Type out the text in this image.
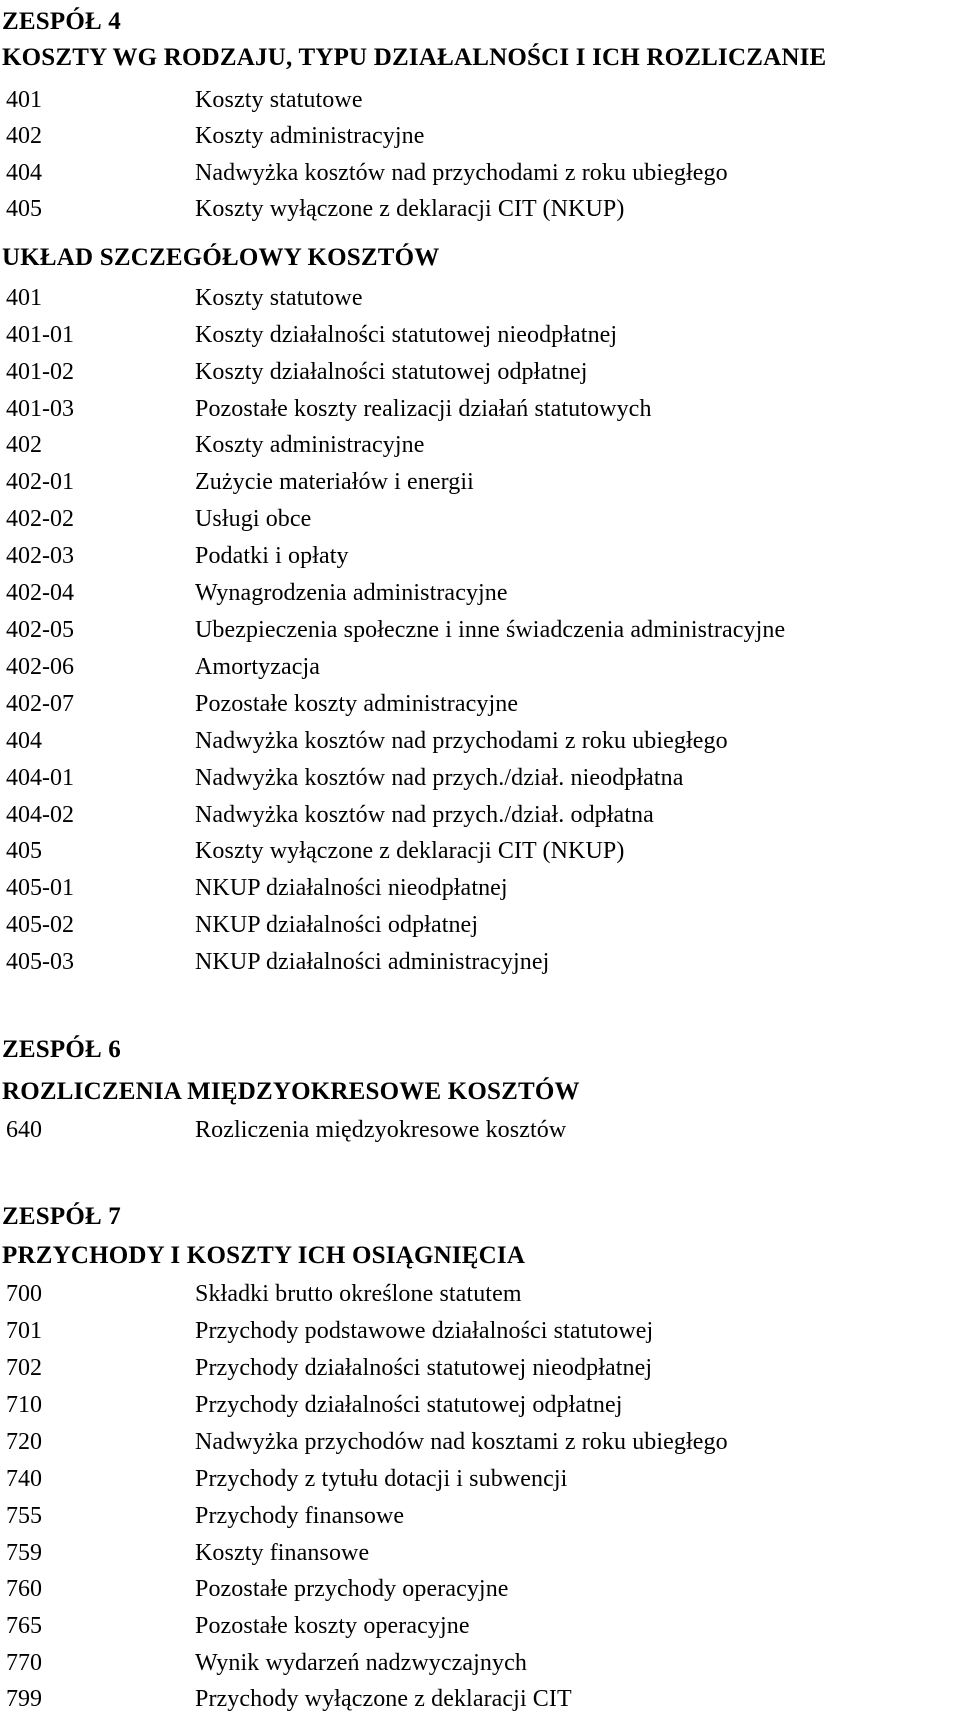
ZESPÓŁ 4
KOSZTY WG RODZAJU, TYPU DZIAŁALNOŚCI I ICH ROZLICZANIE
401	Koszty statutowe
402	Koszty administracyjne
404	Nadwyżka kosztów nad przychodami z roku ubiegłego
405	Koszty wyłączone z deklaracji CIT (NKUP)
UKŁAD SZCZEGÓŁOWY KOSZTÓW
401	Koszty statutowe
401-01	Koszty działalności statutowej nieodpłatnej
401-02	Koszty działalności statutowej odpłatnej
401-03	Pozostałe koszty realizacji działań statutowych
402	Koszty administracyjne
402-01	Zużycie materiałów i energii
402-02	Usługi obce
402-03	Podatki i opłaty
402-04	Wynagrodzenia administracyjne
402-05	Ubezpieczenia społeczne i inne świadczenia administracyjne
402-06	Amortyzacja
402-07	Pozostałe koszty administracyjne
404	Nadwyżka kosztów nad przychodami z roku ubiegłego
404-01	Nadwyżka kosztów nad przych./dział. nieodpłatna
404-02	Nadwyżka kosztów nad przych./dział. odpłatna
405	Koszty wyłączone z deklaracji CIT (NKUP)
405-01	NKUP działalności nieodpłatnej
405-02	NKUP działalności odpłatnej
405-03	NKUP działalności administracyjnej
ZESPÓŁ 6
ROZLICZENIA MIĘDZYOKRESOWE KOSZTÓW
640	Rozliczenia międzyokresowe kosztów
ZESPÓŁ 7
PRZYCHODY I KOSZTY ICH OSIĄGNIĘCIA
700	Składki brutto określone statutem
701	Przychody podstawowe działalności statutowej
702	Przychody działalności statutowej nieodpłatnej
710	Przychody działalności statutowej odpłatnej
720	Nadwyżka przychodów nad kosztami z roku ubiegłego
740	Przychody z tytułu dotacji i subwencji
755	Przychody finansowe
759	Koszty finansowe
760	Pozostałe przychody operacyjne
765	Pozostałe koszty operacyjne
770	Wynik wydarzeń nadzwyczajnych
799	Przychody wyłączone z deklaracji CIT
